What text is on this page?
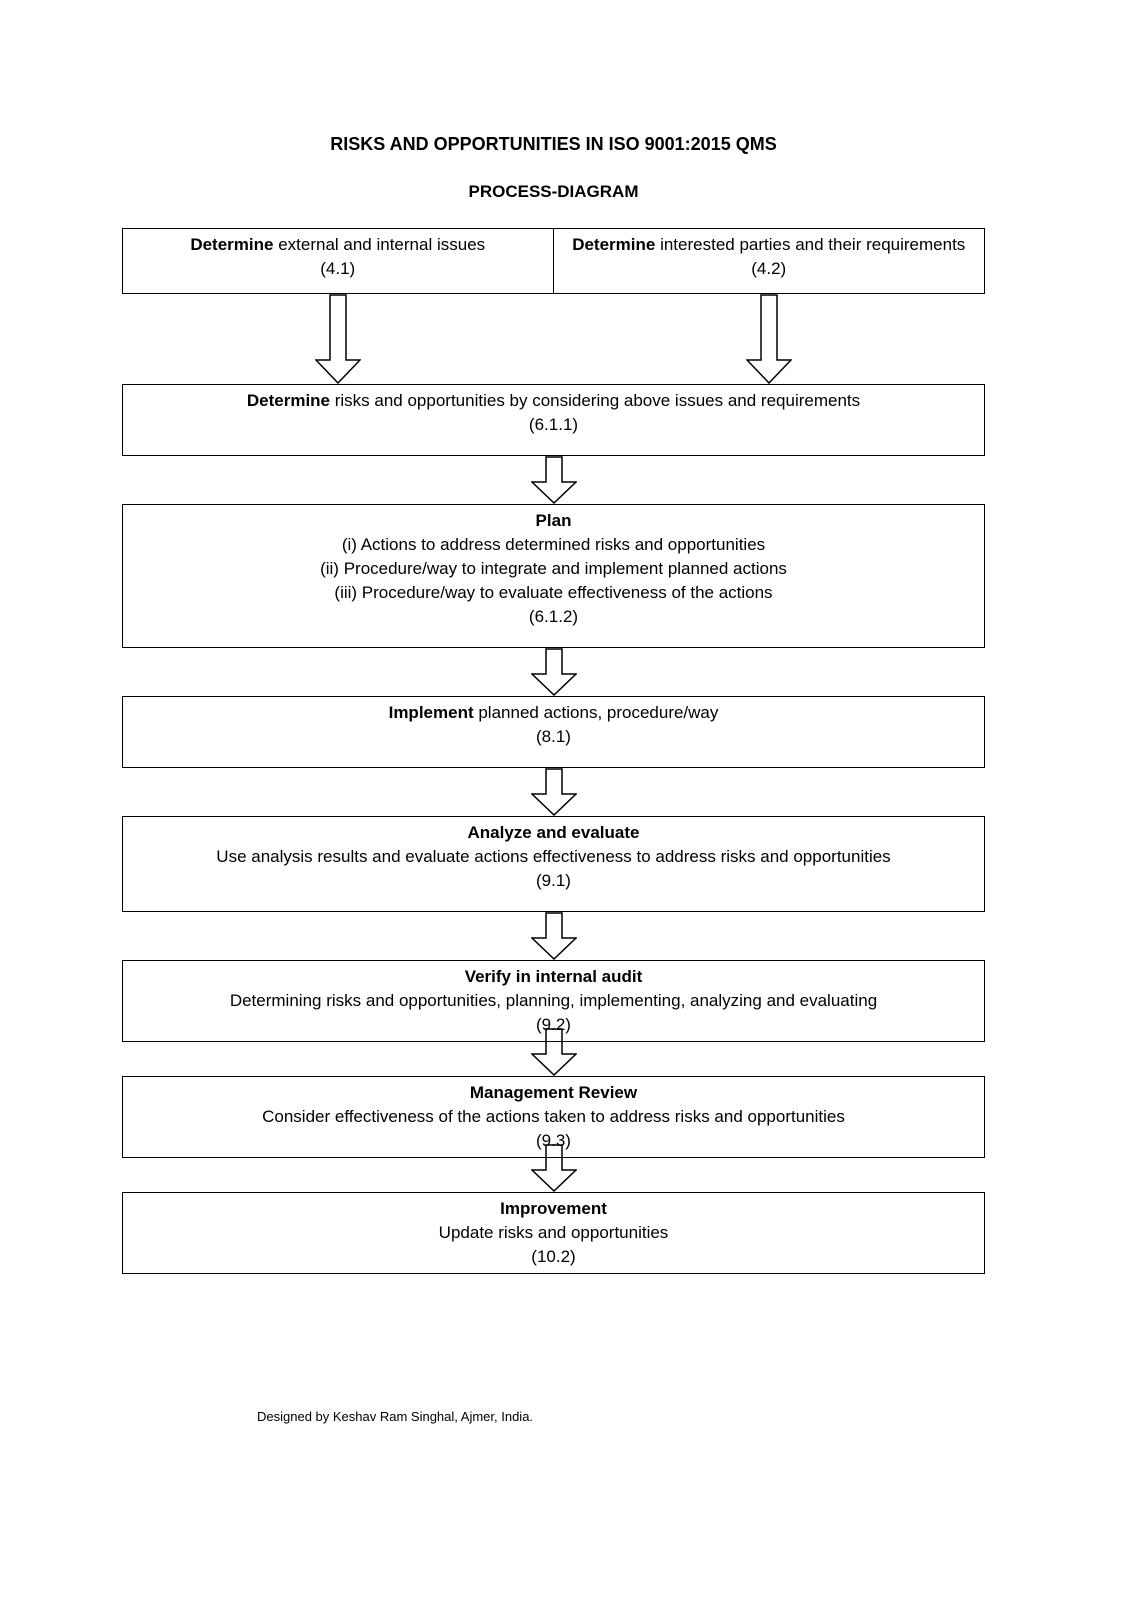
RISKS AND OPPORTUNITIES IN ISO 9001:2015 QMS
PROCESS-DIAGRAM
Determine external and internal issues
(4.1)
Determine interested parties and their requirements
(4.2)
Determine risks and opportunities by considering above issues and requirements
(6.1.1)
Plan
(i) Actions to address determined risks and opportunities
(ii) Procedure/way to integrate and implement planned actions
(iii) Procedure/way to evaluate effectiveness of the actions
(6.1.2)
Implement planned actions, procedure/way
(8.1)
Analyze and evaluate
Use analysis results and evaluate actions effectiveness to address risks and opportunities
(9.1)
Verify in internal audit
Determining risks and opportunities, planning, implementing, analyzing and evaluating
(9.2)
Management Review
Consider effectiveness of the actions taken to address risks and opportunities
(9.3)
Improvement
Update risks and opportunities
(10.2)
Designed by Keshav Ram Singhal, Ajmer, India.
